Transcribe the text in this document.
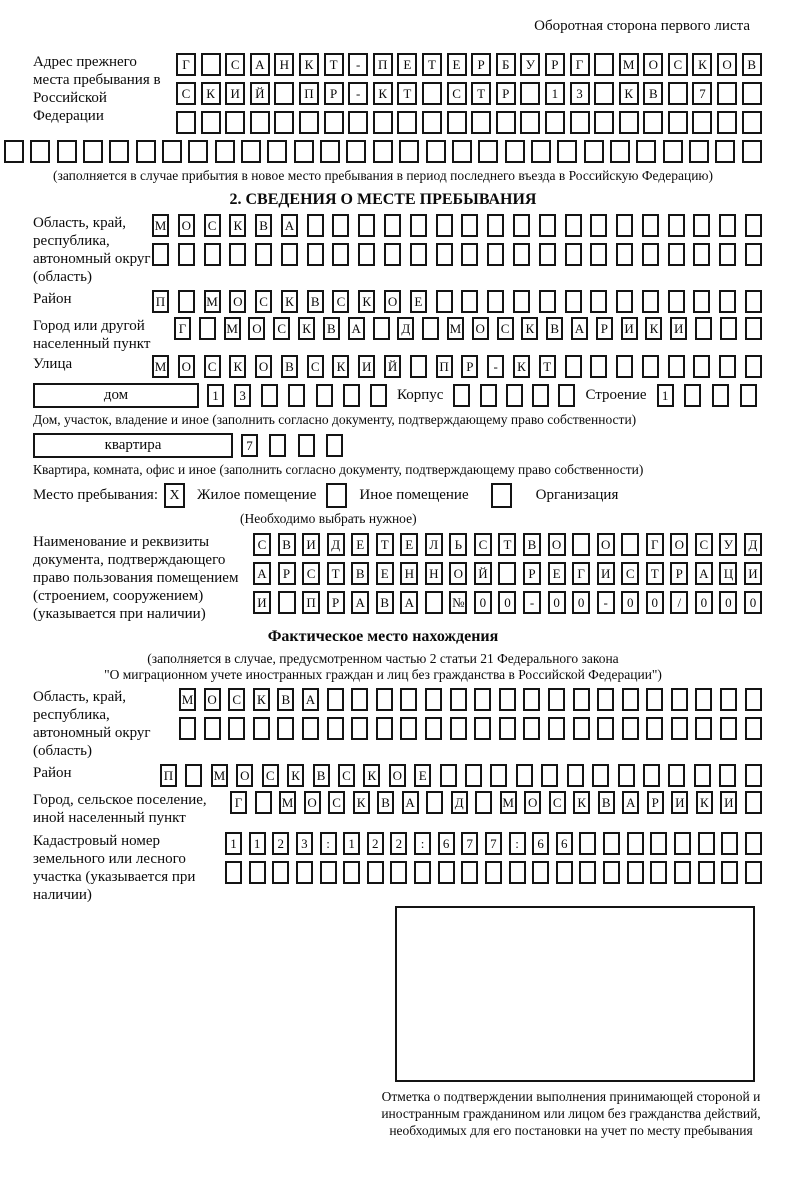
Оборотная сторона первого листа
Адрес прежнего места пребывания в Российской Федерации
Г	С	А	Н	К	Т	-	П	Е	Т	Е	Р	Б	У	Р	Г	М	О	С	К	О	В
С	К	И	Й	П	Р	-	К	Т	С	Т	Р	1	3	К	В	7
(заполняется в случае прибытия в новое место пребывания в период последнего въезда в Российскую Федерацию)
2. СВЕДЕНИЯ О МЕСТЕ ПРЕБЫВАНИЯ
Область, край, республика, автономный округ (область)
М О	С	К	В	А
Район	П	М О	С	К	В	С	К	О	Е
Город или другой населенный пункт
Г	М О	С	К	В	А	Д	М О	С	К	В	А	Р	И	К	И
Улица	М О	С	К	О	В	С	К	И Й	П	Р	-	К	Т
дом	1	3	Корпус	Строение	1
Дом, участок, владение и иное (заполнить согласно документу, подтверждающему право собственности)
квартира	7
Квартира, комната, офис и иное (заполнить согласно документу, подтверждающему право собственности)
Место пребывания: X	Жилое помещение	Иное помещение	Организация
(Необходимо выбрать нужное)
Наименование и реквизиты документа, подтверждающего право пользования помещением (строением, сооружением) (указывается при наличии)
С	В	И	Д	Е	Т	Е	Л	Ь	С	Т	В	О	О	Г	О	С	У	Д
А	Р	С	Т	В	Е	Н	Н	О	Й	Р	Е	Г	И	С	Т	Р	А	Ц	И
И	П	Р	А	В	А	№	0	0	-	0	0	-	0	0	/	0	0	0
Фактическое место нахождения
(заполняется в случае, предусмотренном частью 2 статьи 21 Федерального закона
"О миграционном учете иностранных граждан и лиц без гражданства в Российской Федерации")
Область, край, республика, автономный округ (область)
М О	С	К	В	А
Район	П	М О	С	К	В	С	К	О	Е
Город, сельское поселение, иной населенный пункт
Г	М О	С	К	В	А	Д	М О	С	К	В	А	Р	И	К	И
Кадастровый номер земельного или лесного участка (указывается при наличии)
1	1	2	3	:	1	2	2	:	6	7	7	:	6	6
Отметка о подтверждении выполнения принимающей стороной и иностранным гражданином или лицом без гражданства действий, необходимых для его постановки на учет по месту пребывания
